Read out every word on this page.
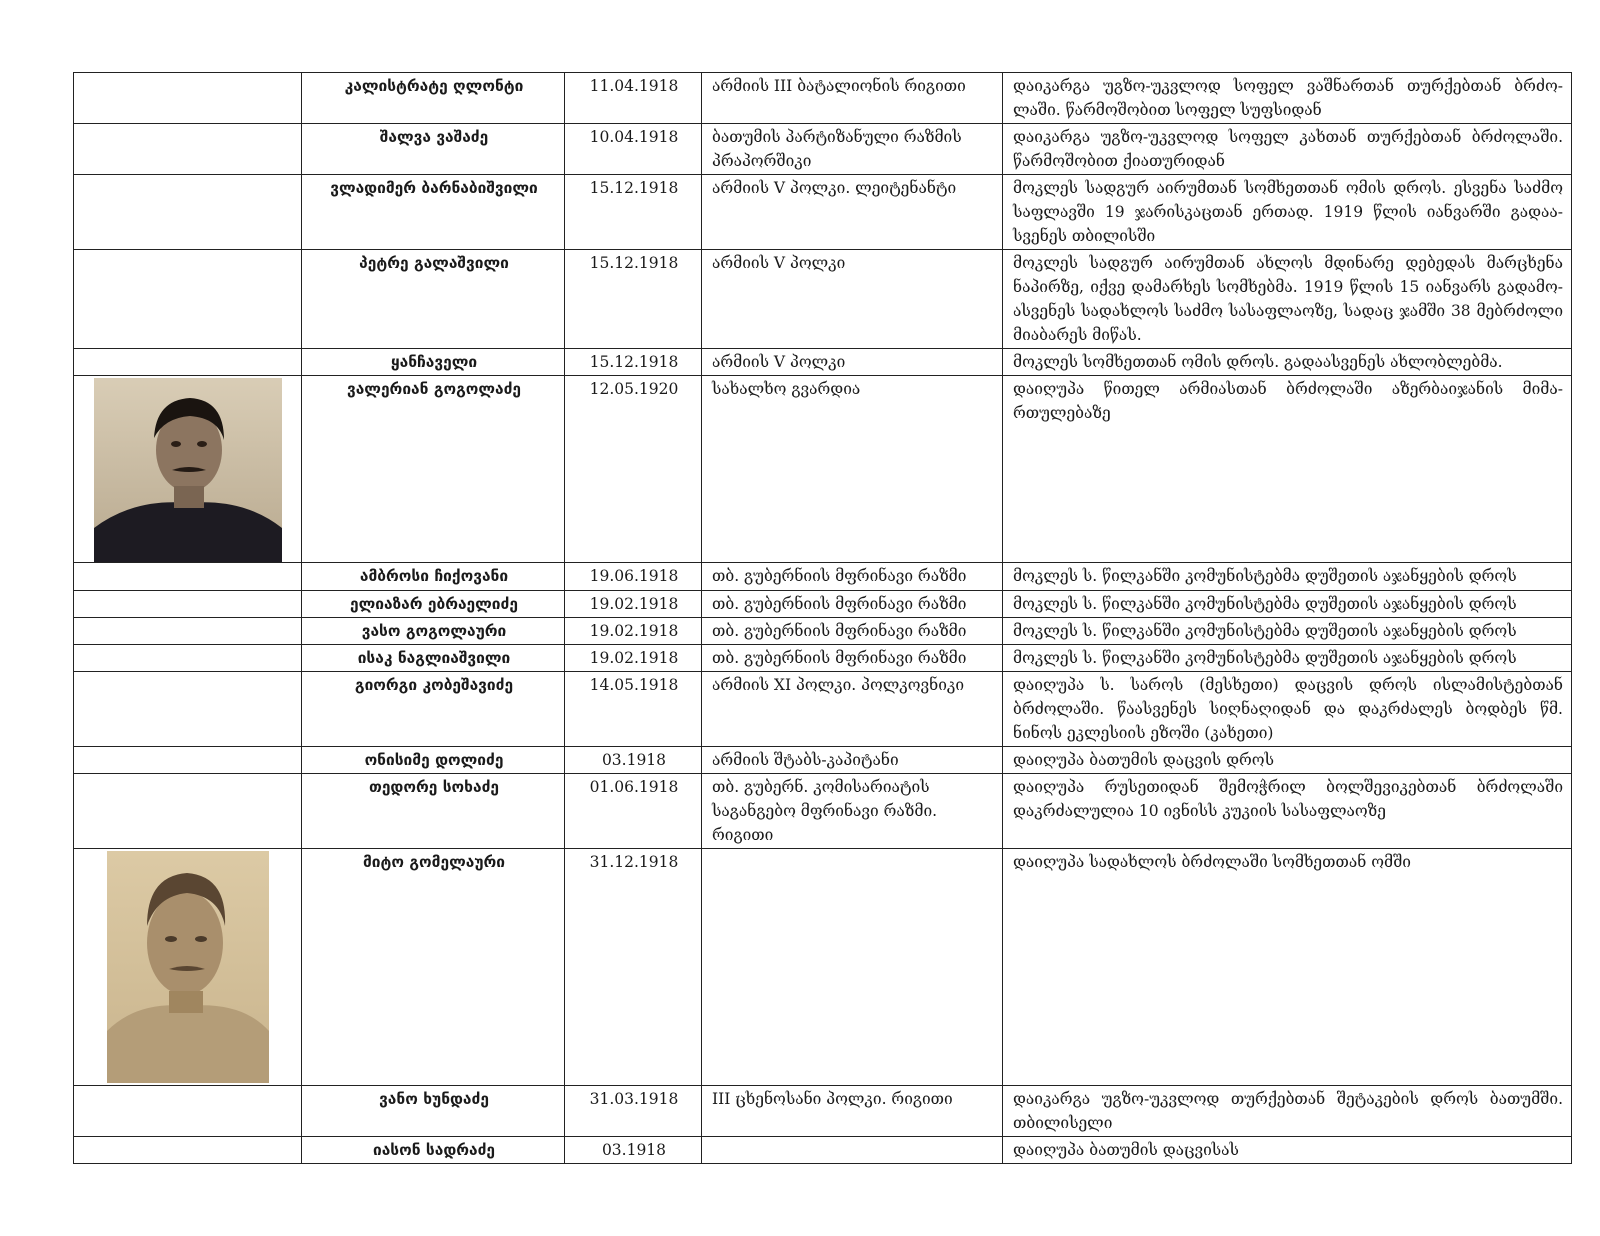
	კალისტრატე ღლონტი	11.04.1918	არმიის III ბატალიონის რიგითი	დაიკარგა უგზო-უკვლოდ სოფელ ვაშნართან თურქებთან ბრძო-ლაში. წარმოშობით სოფელ სუფსიდან
	შალვა ვაშაძე	10.04.1918	ბათუმის პარტიზანული რაზმის პრაპორშიკი	დაიკარგა უგზო-უკვლოდ სოფელ კახთან თურქებთან ბრძოლაში. წარმოშობით ქიათურიდან
	ვლადიმერ ბარნაბიშვილი	15.12.1918	არმიის V პოლკი. ლეიტენანტი	მოკლეს სადგურ აირუმთან სომხეთთან ომის დროს. ესვენა საძმო საფლავში 19 ჯარისკაცთან ერთად. 1919 წლის იანვარში გადაა-სვენეს თბილისში
	პეტრე გალაშვილი	15.12.1918	არმიის V პოლკი	მოკლეს სადგურ აირუმთან ახლოს მდინარე დებედას მარცხენა ნაპირზე, იქვე დამარხეს სომხებმა. 1919 წლის 15 იანვარს გადამო-ასვენეს სადახლოს საძმო სასაფლაოზე, სადაც ჯამში 38 მებრძოლი მიაბარეს მიწას.
	ყანჩაველი	15.12.1918	არმიის V პოლკი	მოკლეს სომხეთთან ომის დროს. გადაასვენეს ახლობლებმა.

	ვალერიან გოგოლაძე	12.05.1920	სახალხო გვარდია	დაიღუპა წითელ არმიასთან ბრძოლაში აზერბაიჯანის მიმა-რთულებაზე
	ამბროსი ჩიქოვანი	19.06.1918	თბ. გუბერნიის მფრინავი რაზმი	მოკლეს ს. წილკანში კომუნისტებმა დუშეთის აჯანყების დროს
	ელიაზარ ებრაელიძე	19.02.1918	თბ. გუბერნიის მფრინავი რაზმი	მოკლეს ს. წილკანში კომუნისტებმა დუშეთის აჯანყების დროს
	ვასო გოგოლაური	19.02.1918	თბ. გუბერნიის მფრინავი რაზმი	მოკლეს ს. წილკანში კომუნისტებმა დუშეთის აჯანყების დროს
	ისაკ ნაგლიაშვილი	19.02.1918	თბ. გუბერნიის მფრინავი რაზმი	მოკლეს ს. წილკანში კომუნისტებმა დუშეთის აჯანყების დროს
	გიორგი კობეშავიძე	14.05.1918	არმიის XI პოლკი. პოლკოვნიკი	დაიღუპა ს. საროს (მესხეთი) დაცვის დროს ისლამისტებთან ბრძოლაში. წაასვენეს სიღნაღიდან და დაკრძალეს ბოდბეს წმ. ნინოს ეკლესიის ეზოში (კახეთი)
	ონისიმე დოლიძე	03.1918	არმიის შტაბს-კაპიტანი	დაიღუპა ბათუმის დაცვის დროს
	თედორე სოხაძე	01.06.1918	თბ. გუბერნ. კომისარიატის საგანგებო მფრინავი რაზმი. რიგითი	დაიღუპა რუსეთიდან შემოჭრილ ბოლშევიკებთან ბრძოლაში დაკრძალულია 10 ივნისს კუკიის სასაფლაოზე

	მიტო გომელაური	31.12.1918		დაიღუპა სადახლოს ბრძოლაში სომხეთთან ომში
	ვანო ხუნდაძე	31.03.1918	III ცხენოსანი პოლკი. რიგითი	დაიკარგა უგზო-უკვლოდ თურქებთან შეტაკების დროს ბათუმში. თბილისელი
	იასონ სადრაძე	03.1918		დაიღუპა ბათუმის დაცვისას
